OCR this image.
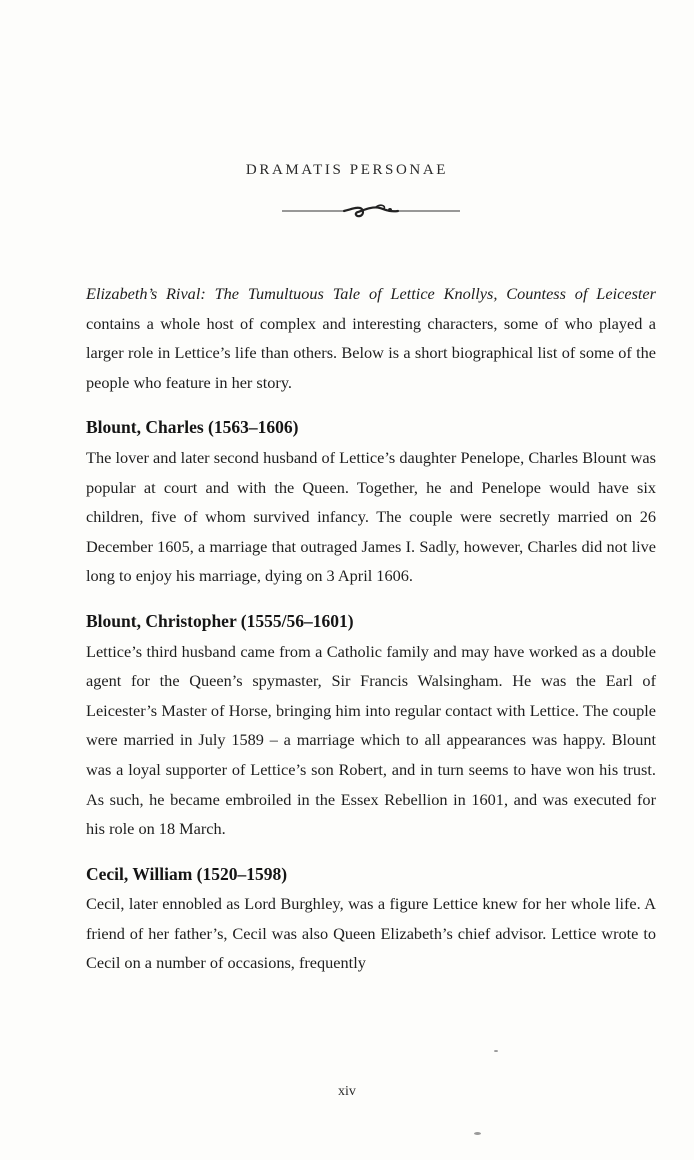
DRAMATIS PERSONAE

Elizabeth’s Rival: The Tumultuous Tale of Lettice Knollys, Countess of Leicester contains a whole host of complex and interesting characters, some of who played a larger role in Lettice’s life than others. Below is a short biographical list of some of the people who feature in her story.

Blount, Charles (1563–1606)

The lover and later second husband of Lettice’s daughter Penelope, Charles Blount was popular at court and with the Queen. Together, he and Penelope would have six children, five of whom survived infancy. The couple were secretly married on 26 December 1605, a marriage that outraged James I. Sadly, however, Charles did not live long to enjoy his marriage, dying on 3 April 1606.

Blount, Christopher (1555/56–1601)

Lettice’s third husband came from a Catholic family and may have worked as a double agent for the Queen’s spymaster, Sir Francis Walsingham. He was the Earl of Leicester’s Master of Horse, bringing him into regular contact with Lettice. The couple were married in July 1589 – a marriage which to all appearances was happy. Blount was a loyal supporter of Lettice’s son Robert, and in turn seems to have won his trust. As such, he became embroiled in the Essex Rebellion in 1601, and was executed for his role on 18 March.

Cecil, William (1520–1598)

Cecil, later ennobled as Lord Burghley, was a figure Lettice knew for her whole life. A friend of her father’s, Cecil was also Queen Elizabeth’s chief advisor. Lettice wrote to Cecil on a number of occasions, frequently

xiv
